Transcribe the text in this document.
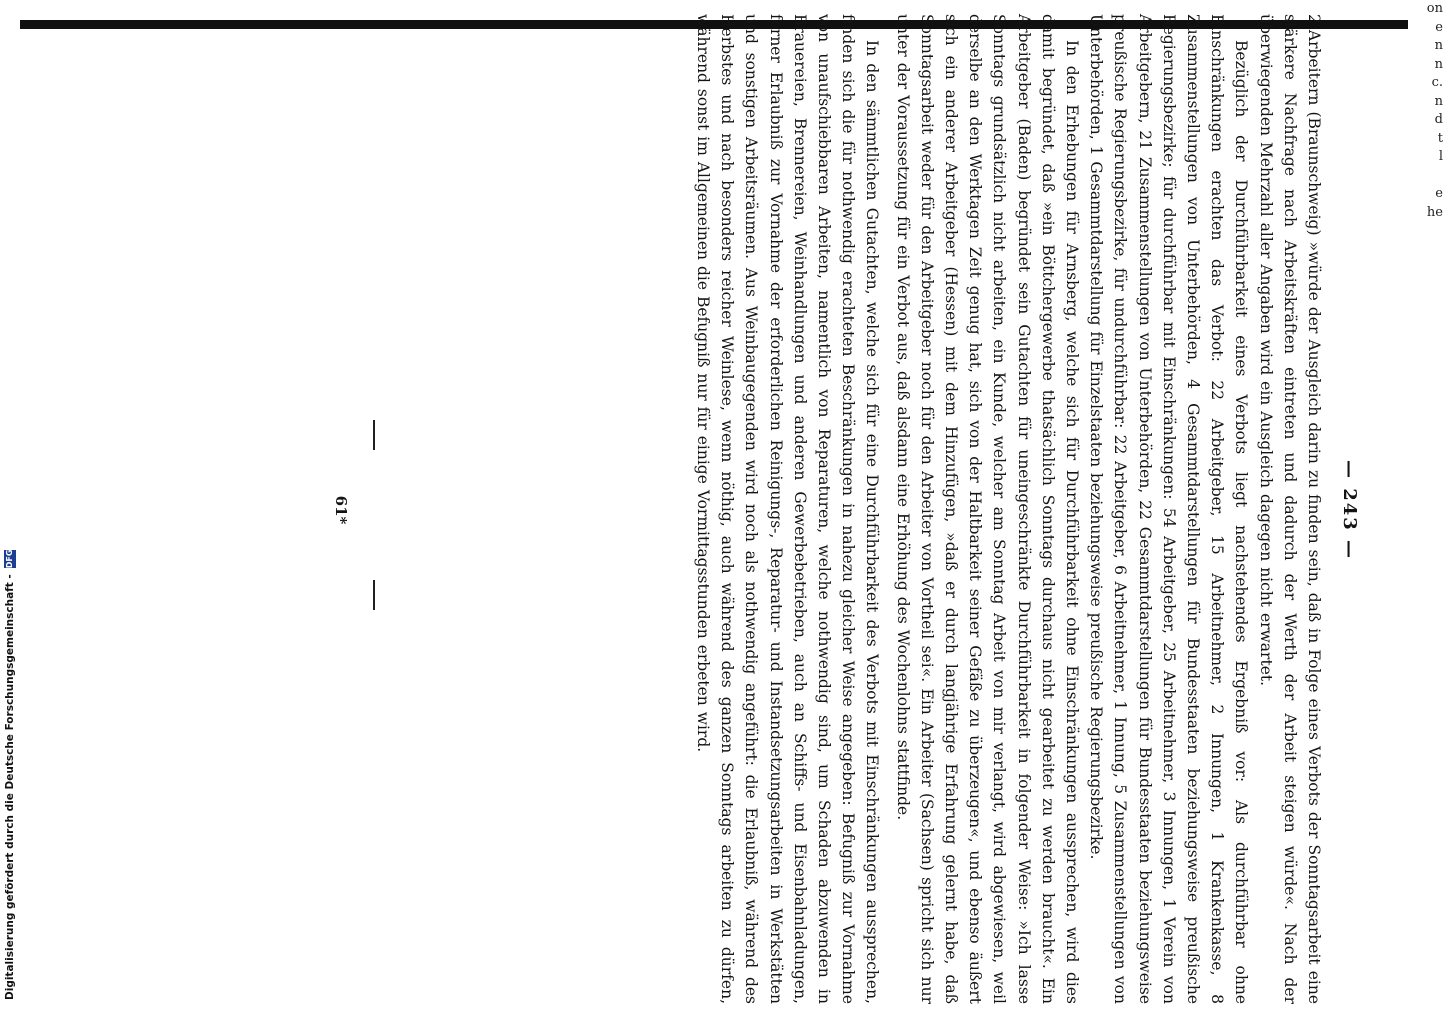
on
e
n
n
c.
n
d
t
l

e
he
— 243 —

2 Arbeitern (Braunschweig) »würde der Ausgleich darin zu finden sein, daß in Folge eines Verbots der Sonntagsarbeit eine stärkere Nachfrage nach Arbeitskräften eintreten und dadurch der Werth der Arbeit steigen würde«. Nach der überwiegenden Mehrzahl aller Angaben wird ein Ausgleich dagegen nicht erwartet.

Bezüglich der Durchführbarkeit eines Verbots liegt nachstehendes Ergebniß vor: Als durchführbar ohne Einschränkungen erachten das Verbot: 22 Arbeitgeber, 15 Arbeitnehmer, 2 Innungen, 1 Krankenkasse, 8 Zusammenstellungen von Unterbehörden, 4 Gesammtdarstellungen für Bundesstaaten beziehungsweise preußische Regierungsbezirke; für durchführbar mit Einschränkungen: 54 Arbeitgeber, 25 Arbeitnehmer, 3 Innungen, 1 Verein von Arbeitgebern, 21 Zusammenstellungen von Unterbehörden, 22 Gesammtdarstellungen für Bundesstaaten beziehungsweise preußische Regierungsbezirke, für undurchführbar: 22 Arbeitgeber, 6 Arbeitnehmer, 1 Innung, 5 Zusammenstellungen von Unterbehörden, 1 Gesammtdarstellung für Einzelstaaten beziehungsweise preußische Regierungsbezirke.

In den Erhebungen für Arnsberg, welche sich für Durchführbarkeit ohne Einschränkungen aussprechen, wird dies damit begründet, daß »ein Böttchergewerbe thatsächlich Sonntags durchaus nicht gearbeitet zu werden braucht«. Ein Arbeitgeber (Baden) begründet sein Gutachten für uneingeschränkte Durchführbarkeit in folgender Weise: »Ich lasse Sonntags grundsätzlich nicht arbeiten, ein Kunde, welcher am Sonntag Arbeit von mir verlangt, wird abgewiesen, weil derselbe an den Werktagen Zeit genug hat, sich von der Haltbarkeit seiner Gefäße zu überzeugen«, und ebenso äußert sich ein anderer Arbeitgeber (Hessen) mit dem Hinzufügen, »daß er durch langjährige Erfahrung gelernt habe, daß Sonntagsarbeit weder für den Arbeitgeber noch für den Arbeiter von Vortheil sei«. Ein Arbeiter (Sachsen) spricht sich nur unter der Voraussetzung für ein Verbot aus, daß alsdann eine Erhöhung des Wochenlohns stattfinde.

In den sämmtlichen Gutachten, welche sich für eine Durchführbarkeit des Verbots mit Einschränkungen aussprechen, finden sich die für nothwendig erachteten Beschränkungen in nahezu gleicher Weise angegeben: Befugniß zur Vornahme von unaufschiebbaren Arbeiten, namentlich von Reparaturen, welche nothwendig sind, um Schaden abzuwenden in Brauereien, Brennereien, Weinhandlungen und anderen Gewerbebetrieben, auch an Schiffs- und Eisenbahnladungen, ferner Erlaubniß zur Vornahme der erforderlichen Reinigungs-, Reparatur- und Instandsetzungsarbeiten in Werkstätten und sonstigen Arbeitsräumen. Aus Weinbaugegenden wird noch als nothwendig angeführt: die Erlaubniß, während des Herbstes und nach besonders reicher Weinlese, wenn nöthig, auch während des ganzen Sonntags arbeiten zu dürfen, während sonst im Allgemeinen die Befugniß nur für einige Vormittagsstunden erbeten wird.

61*
Digitalisierung gefördert durch die Deutsche Forschungsgemeinschaft -
DFG
